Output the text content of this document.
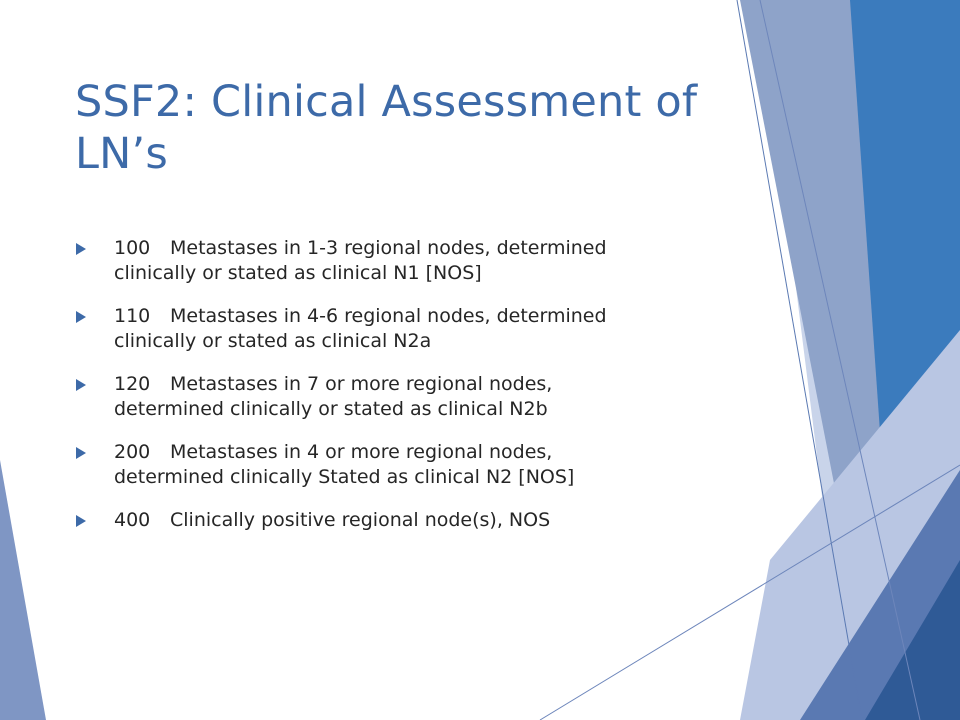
SSF2: Clinical Assessment of LN’s
100 Metastases in 1-3 regional nodes, determined
clinically or stated as clinical N1 [NOS]
110 Metastases in 4-6 regional nodes, determined
clinically or stated as clinical N2a
120 Metastases in 7 or more regional nodes,
determined clinically or stated as clinical N2b
200 Metastases in 4 or more regional nodes,
determined clinically Stated as clinical N2 [NOS]
400 Clinically positive regional node(s), NOS
